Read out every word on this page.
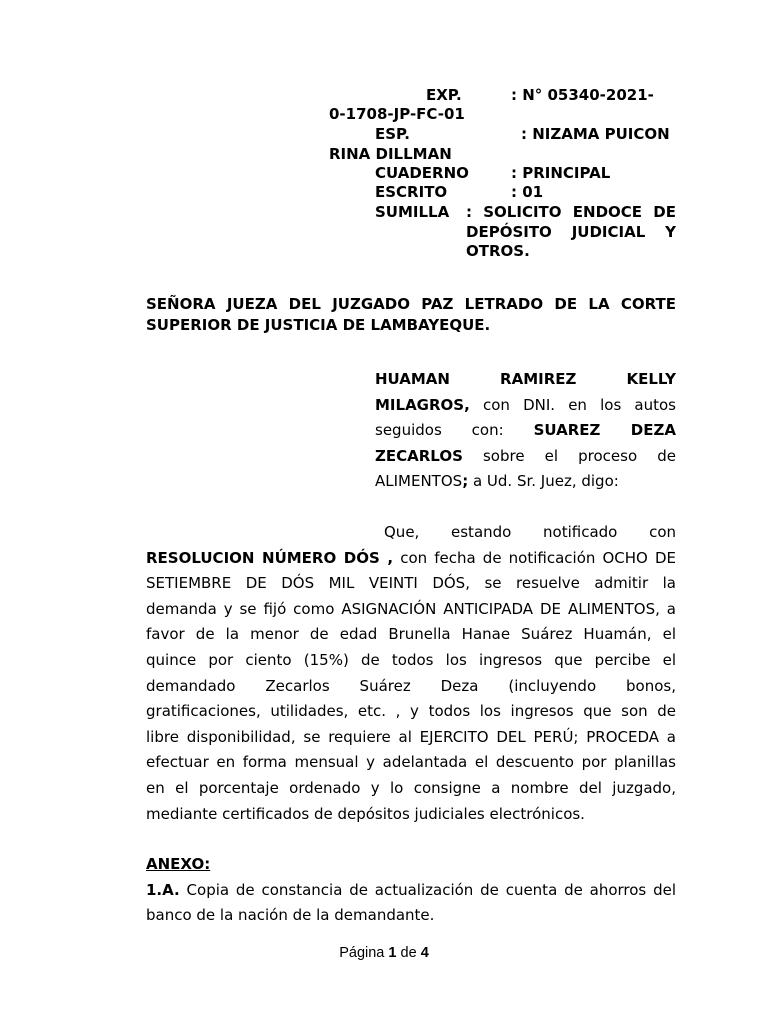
EXP.	: N° 05340-2021-
0-1708-JP-FC-01
ESP.	: NIZAMA PUICON
RINA DILLMAN
CUADERNO	: PRINCIPAL
ESCRITO	: 01
SUMILLA : SOLICITO ENDOCE DE
DEPÓSITO JUDICIAL Y
OTROS.
SEÑORA JUEZA DEL JUZGADO PAZ LETRADO DE LA CORTE
SUPERIOR DE JUSTICIA DE LAMBAYEQUE.
HUAMAN RAMIREZ KELLY
MILAGROS, con DNI. en los autos
seguidos con: SUAREZ DEZA
ZECARLOS sobre el proceso de
ALIMENTOS; a Ud. Sr. Juez, digo:
Que, estando notificado con
RESOLUCION NÚMERO DÓS , con fecha de notificación OCHO DE
SETIEMBRE DE DÓS MIL VEINTI DÓS, se resuelve admitir la
demanda y se fijó como ASIGNACIÓN ANTICIPADA DE ALIMENTOS, a
favor de la menor de edad Brunella Hanae Suárez Huamán, el
quince por ciento (15%) de todos los ingresos que percibe el
demandado Zecarlos Suárez Deza (incluyendo bonos,
gratificaciones, utilidades, etc. , y todos los ingresos que son de
libre disponibilidad, se requiere al EJERCITO DEL PERÚ; PROCEDA a
efectuar en forma mensual y adelantada el descuento por planillas
en el porcentaje ordenado y lo consigne a nombre del juzgado,
mediante certificados de depósitos judiciales electrónicos.
ANEXO:
1.A. Copia de constancia de actualización de cuenta de ahorros del
banco de la nación de la demandante.
Página 1 de 4
